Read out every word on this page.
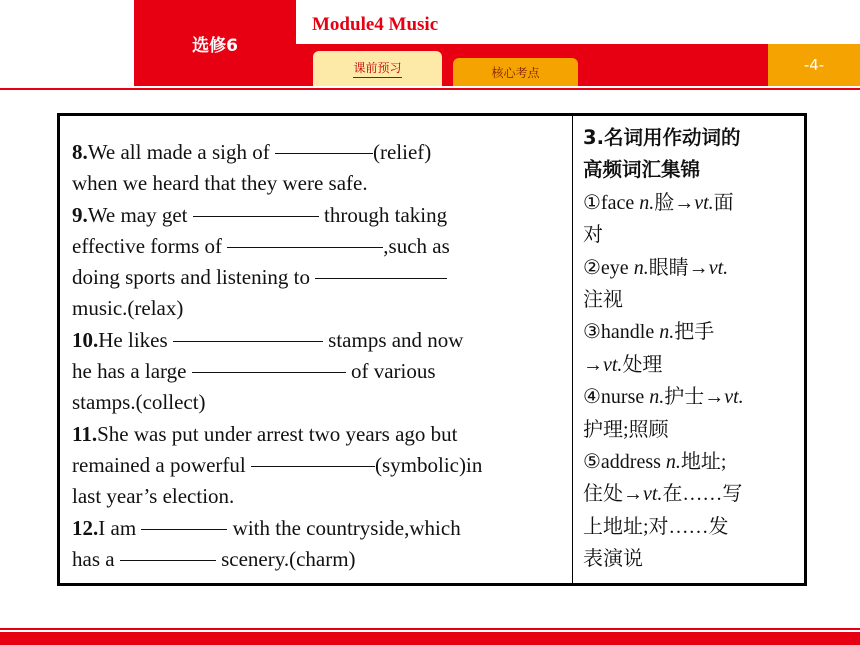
选修6
Module4 Music
-4-
课前预习	核心考点

8.We all made a sigh of	(relief)

when we heard that they were safe.

9.We may get	through taking

effective forms of	,such as

doing sports and listening to

music.(relax)

10.He likes	stamps and now

he has a large	of various

stamps.(collect)

11.She was put under arrest two years ago but

remained a powerful	(symbolic)in

last year’s election.

12.I am	with the countryside,which

has a	scenery.(charm)

3.名词用作动词的

高频词汇集锦

①face n.脸→vt.面

对

②eye n.眼睛→vt.

注视

③handle n.把手

→vt.处理

④nurse n.护士→vt.

护理;照顾

⑤address n.地址;

住处→vt.在……写

上地址;对……发

表演说
